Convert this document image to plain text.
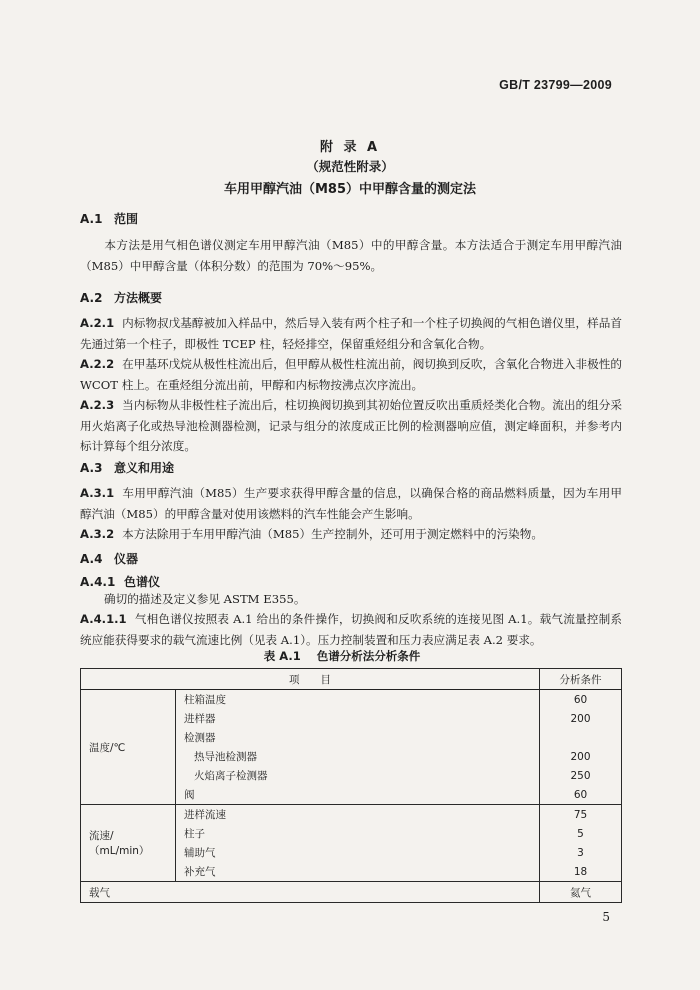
GB/T 23799—2009
附 录 A
（规范性附录）
车用甲醇汽油（M85）中甲醇含量的测定法
A.1 范围
本方法是用气相色谱仪测定车用甲醇汽油（M85）中的甲醇含量。本方法适合于测定车用甲醇汽油（M85）中甲醇含量（体积分数）的范围为 70%～95%。
A.2 方法概要
A.2.1 内标物叔戊基醇被加入样品中，然后导入装有两个柱子和一个柱子切换阀的气相色谱仪里，样品首先通过第一个柱子，即极性 TCEP 柱，轻烃排空，保留重烃组分和含氧化合物。
A.2.2 在甲基环戊烷从极性柱流出后，但甲醇从极性柱流出前，阀切换到反吹，含氧化合物进入非极性的 WCOT 柱上。在重烃组分流出前，甲醇和内标物按沸点次序流出。
A.2.3 当内标物从非极性柱子流出后，柱切换阀切换到其初始位置反吹出重质烃类化合物。流出的组分采用火焰离子化或热导池检测器检测，记录与组分的浓度成正比例的检测器响应值，测定峰面积，并参考内标计算每个组分浓度。
A.3 意义和用途
A.3.1 车用甲醇汽油（M85）生产要求获得甲醇含量的信息，以确保合格的商品燃料质量，因为车用甲醇汽油（M85）的甲醇含量对使用该燃料的汽车性能会产生影响。
A.3.2 本方法除用于车用甲醇汽油（M85）生产控制外，还可用于测定燃料中的污染物。
A.4 仪器
A.4.1 色谱仪
确切的描述及定义参见 ASTM E355。
A.4.1.1 气相色谱仪按照表 A.1 给出的条件操作，切换阀和反吹系统的连接见图 A.1。载气流量控制系统应能获得要求的载气流速比例（见表 A.1）。压力控制装置和压力表应满足表 A.2 要求。
表 A.1 色谱分析法分析条件
项　　目		分析条件
温度/℃	柱箱温度	60
	进样器	200
	检测器	
	热导池检测器	200
	火焰离子检测器	250
	阀	60
流速/（mL/min）	进样流速	75
	柱子	5
	辅助气	3
	补充气	18
载气		氦气
5
